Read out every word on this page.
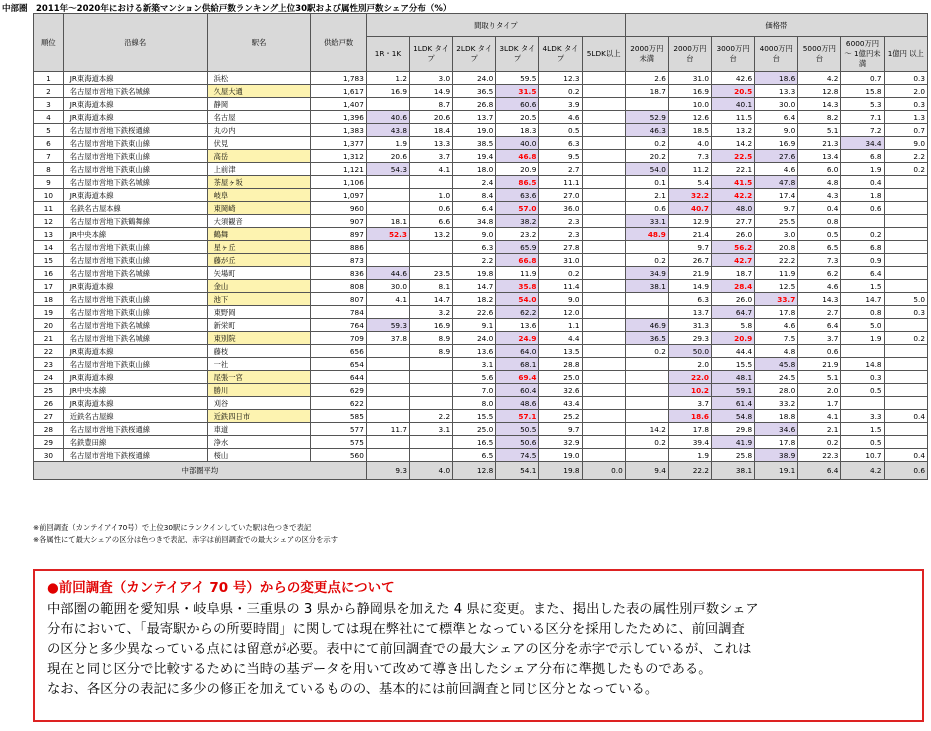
中部圏　2011年～2020年における新築マンション供給戸数ランキング上位30駅および属性別戸数シェア分布（%）
順位	沿線名	駅名	供給戸数	間取りタイプ						価格帯						
				1R・1K	1LDK タイプ	2LDK タイプ	3LDK タイプ	4LDK タイプ	5LDK以上	2000万円 未満	2000万円 台	3000万円 台	4000万円 台	5000万円 台	6000万円～ 1億円未満	1億円 以上
1	JR東海道本線	浜松	1,783	1.2	3.0	24.0	59.5	12.3		2.6	31.0	42.6	18.6	4.2	0.7	0.3
2	名古屋市営地下鉄名城線	久屋大通	1,617	16.9	14.9	36.5	31.5	0.2		18.7	16.9	20.5	13.3	12.8	15.8	2.0
3	JR東海道本線	静岡	1,407		8.7	26.8	60.6	3.9			10.0	40.1	30.0	14.3	5.3	0.3
4	JR東海道本線	名古屋	1,396	40.6	20.6	13.7	20.5	4.6		52.9	12.6	11.5	6.4	8.2	7.1	1.3
5	名古屋市営地下鉄桜通線	丸の内	1,383	43.8	18.4	19.0	18.3	0.5		46.3	18.5	13.2	9.0	5.1	7.2	0.7
6	名古屋市営地下鉄東山線	伏見	1,377	1.9	13.3	38.5	40.0	6.3		0.2	4.0	14.2	16.9	21.3	34.4	9.0
7	名古屋市営地下鉄東山線	高岳	1,312	20.6	3.7	19.4	46.8	9.5		20.2	7.3	22.5	27.6	13.4	6.8	2.2
8	名古屋市営地下鉄東山線	上前津	1,121	54.3	4.1	18.0	20.9	2.7		54.0	11.2	22.1	4.6	6.0	1.9	0.2
9	名古屋市営地下鉄名城線	茶屋ヶ坂	1,106			2.4	86.5	11.1		0.1	5.4	41.5	47.8	4.8	0.4	
10	JR東海道本線	岐阜	1,097		1.0	8.4	63.6	27.0		2.1	32.2	42.2	17.4	4.3	1.8	
11	名鉄名古屋本線	東岡崎	960		0.6	6.4	57.0	36.0		0.6	40.7	48.0	9.7	0.4	0.6	
12	名古屋市営地下鉄鶴舞線	大須観音	907	18.1	6.6	34.8	38.2	2.3		33.1	12.9	27.7	25.5	0.8		
13	JR中央本線	鶴舞	897	52.3	13.2	9.0	23.2	2.3		48.9	21.4	26.0	3.0	0.5	0.2	
14	名古屋市営地下鉄東山線	星ヶ丘	886			6.3	65.9	27.8			9.7	56.2	20.8	6.5	6.8	
15	名古屋市営地下鉄東山線	藤が丘	873			2.2	66.8	31.0		0.2	26.7	42.7	22.2	7.3	0.9	
16	名古屋市営地下鉄名城線	矢場町	836	44.6	23.5	19.8	11.9	0.2		34.9	21.9	18.7	11.9	6.2	6.4	
17	JR東海道本線	金山	808	30.0	8.1	14.7	35.8	11.4		38.1	14.9	28.4	12.5	4.6	1.5	
18	名古屋市営地下鉄東山線	池下	807	4.1	14.7	18.2	54.0	9.0			6.3	26.0	33.7	14.3	14.7	5.0
19	名古屋市営地下鉄東山線	東野岡	784		3.2	22.6	62.2	12.0			13.7	64.7	17.8	2.7	0.8	0.3
20	名古屋市営地下鉄名城線	新栄町	764	59.3	16.9	9.1	13.6	1.1		46.9	31.3	5.8	4.6	6.4	5.0	
21	名古屋市営地下鉄名城線	東別院	709	37.8	8.9	24.0	24.9	4.4		36.5	29.3	20.9	7.5	3.7	1.9	0.2
22	JR東海道本線	藤枝	656		8.9	13.6	64.0	13.5		0.2	50.0	44.4	4.8	0.6		
23	名古屋市営地下鉄東山線	一社	654			3.1	68.1	28.8			2.0	15.5	45.8	21.9	14.8	
24	JR東海道本線	尾張一宮	644			5.6	69.4	25.0			22.0	48.1	24.5	5.1	0.3	
25	JR中央本線	勝川	629			7.0	60.4	32.6			10.2	59.1	28.0	2.0	0.5	
26	JR東海道本線	刈谷	622			8.0	48.6	43.4			3.7	61.4	33.2	1.7		
27	近鉄名古屋線	近鉄四日市	585		2.2	15.5	57.1	25.2			18.6	54.8	18.8	4.1	3.3	0.4
28	名古屋市営地下鉄桜通線	車道	577	11.7	3.1	25.0	50.5	9.7		14.2	17.8	29.8	34.6	2.1	1.5	
29	名鉄豊田線	浄水	575			16.5	50.6	32.9		0.2	39.4	41.9	17.8	0.2	0.5	
30	名古屋市営地下鉄桜通線	桜山	560			6.5	74.5	19.0			1.9	25.8	38.9	22.3	10.7	0.4
中部圏平均				9.3	4.0	12.8	54.1	19.8	0.0	9.4	22.2	38.1	19.1	6.4	4.2	0.6
※前回調査（カンテイアイ70号）で上位30駅にランクインしていた駅は色つきで表記
※各属性にて最大シェアの区分は色つきで表記、赤字は前回調査での最大シェアの区分を示す
●前回調査（カンテイアイ 70 号）からの変更点について
中部圏の範囲を愛知県・岐阜県・三重県の 3 県から静岡県を加えた 4 県に変更。また、掲出した表の属性別戸数シェア
分布において、「最寄駅からの所要時間」に関しては現在弊社にて標準となっている区分を採用したために、前回調査
の区分と多少異なっている点には留意が必要。表中にて前回調査での最大シェアの区分を赤字で示しているが、これは
現在と同じ区分で比較するために当時の基データを用いて改めて導き出したシェア分布に準拠したものである。
なお、各区分の表記に多少の修正を加えているものの、基本的には前回調査と同じ区分となっている。
